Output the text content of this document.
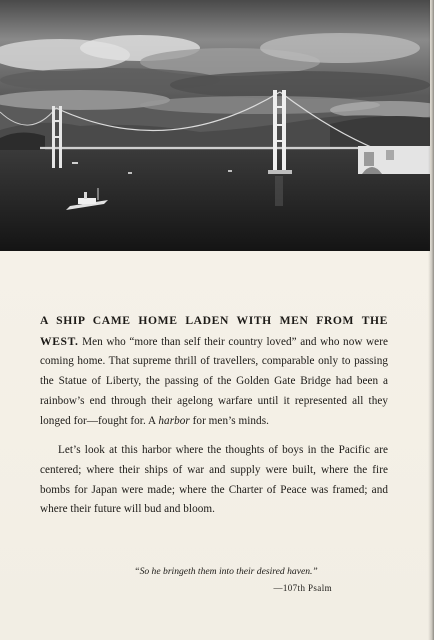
A SHIP CAME HOME LADEN WITH MEN FROM THE WEST. Men who “more than self their country loved” and who now were coming home. That supreme thrill of travellers, comparable only to passing the Statue of Liberty, the passing of the Golden Gate Bridge had been a rainbow’s end through their agelong warfare until it represented all they longed for—fought for. A harbor for men’s minds.

Let’s look at this harbor where the thoughts of boys in the Pacific are centered; where their ships of war and supply were built, where the fire bombs for Japan were made; where the Charter of Peace was framed; and where their future will bud and bloom.

“So he bringeth them into their desired haven.”
—107th Psalm
